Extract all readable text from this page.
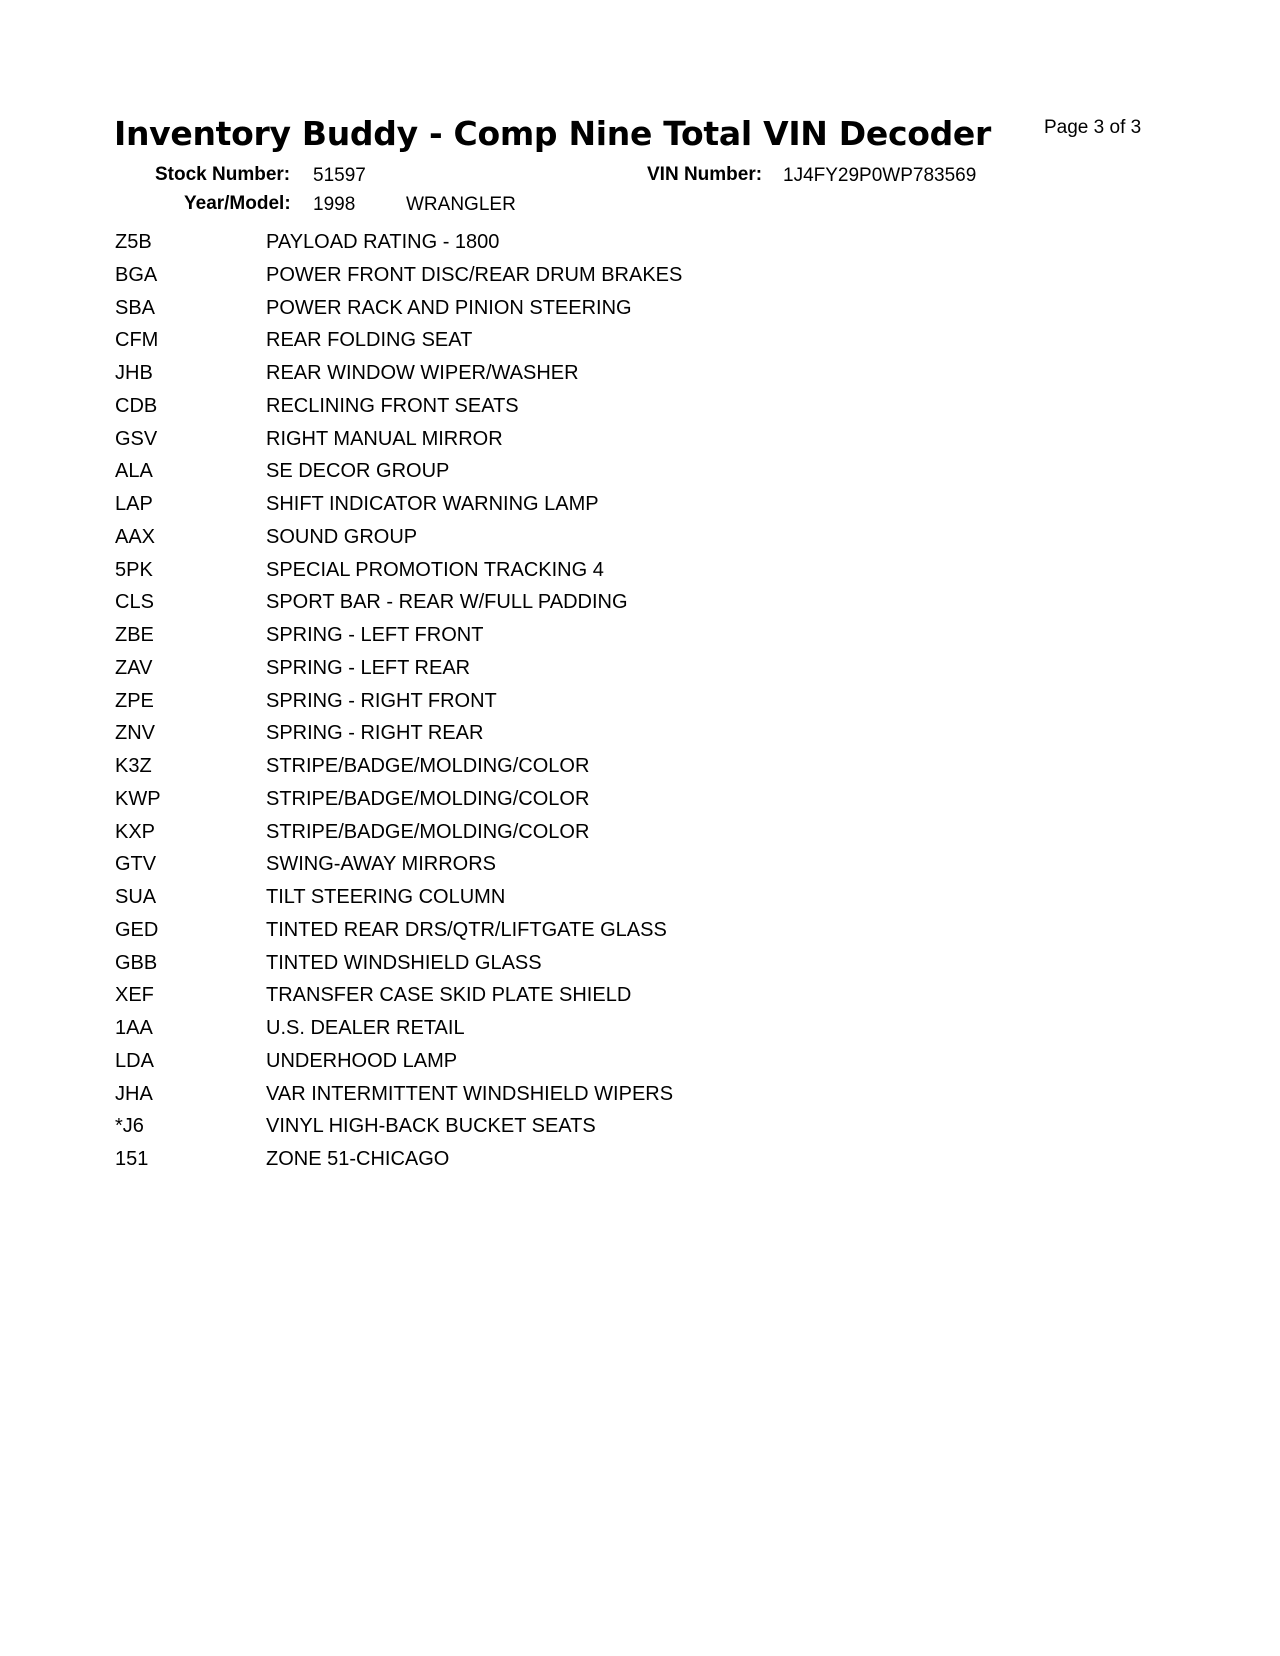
Inventory Buddy - Comp Nine Total VIN Decoder	Page 3 of 3
Stock Number: 51597	VIN Number: 1J4FY29P0WP783569
Year/Model: 1998	WRANGLER
Z5B	PAYLOAD RATING - 1800
BGA	POWER FRONT DISC/REAR DRUM BRAKES
SBA	POWER RACK AND PINION STEERING
CFM	REAR FOLDING SEAT
JHB	REAR WINDOW WIPER/WASHER
CDB	RECLINING FRONT SEATS
GSV	RIGHT MANUAL MIRROR
ALA	SE DECOR GROUP
LAP	SHIFT INDICATOR WARNING LAMP
AAX	SOUND GROUP
5PK	SPECIAL PROMOTION TRACKING 4
CLS	SPORT BAR - REAR W/FULL PADDING
ZBE	SPRING - LEFT FRONT
ZAV	SPRING - LEFT REAR
ZPE	SPRING - RIGHT FRONT
ZNV	SPRING - RIGHT REAR
K3Z	STRIPE/BADGE/MOLDING/COLOR
KWP	STRIPE/BADGE/MOLDING/COLOR
KXP	STRIPE/BADGE/MOLDING/COLOR
GTV	SWING-AWAY MIRRORS
SUA	TILT STEERING COLUMN
GED	TINTED REAR DRS/QTR/LIFTGATE GLASS
GBB	TINTED WINDSHIELD GLASS
XEF	TRANSFER CASE SKID PLATE SHIELD
1AA	U.S. DEALER RETAIL
LDA	UNDERHOOD LAMP
JHA	VAR INTERMITTENT WINDSHIELD WIPERS
*J6	VINYL HIGH-BACK BUCKET SEATS
151	ZONE 51-CHICAGO
